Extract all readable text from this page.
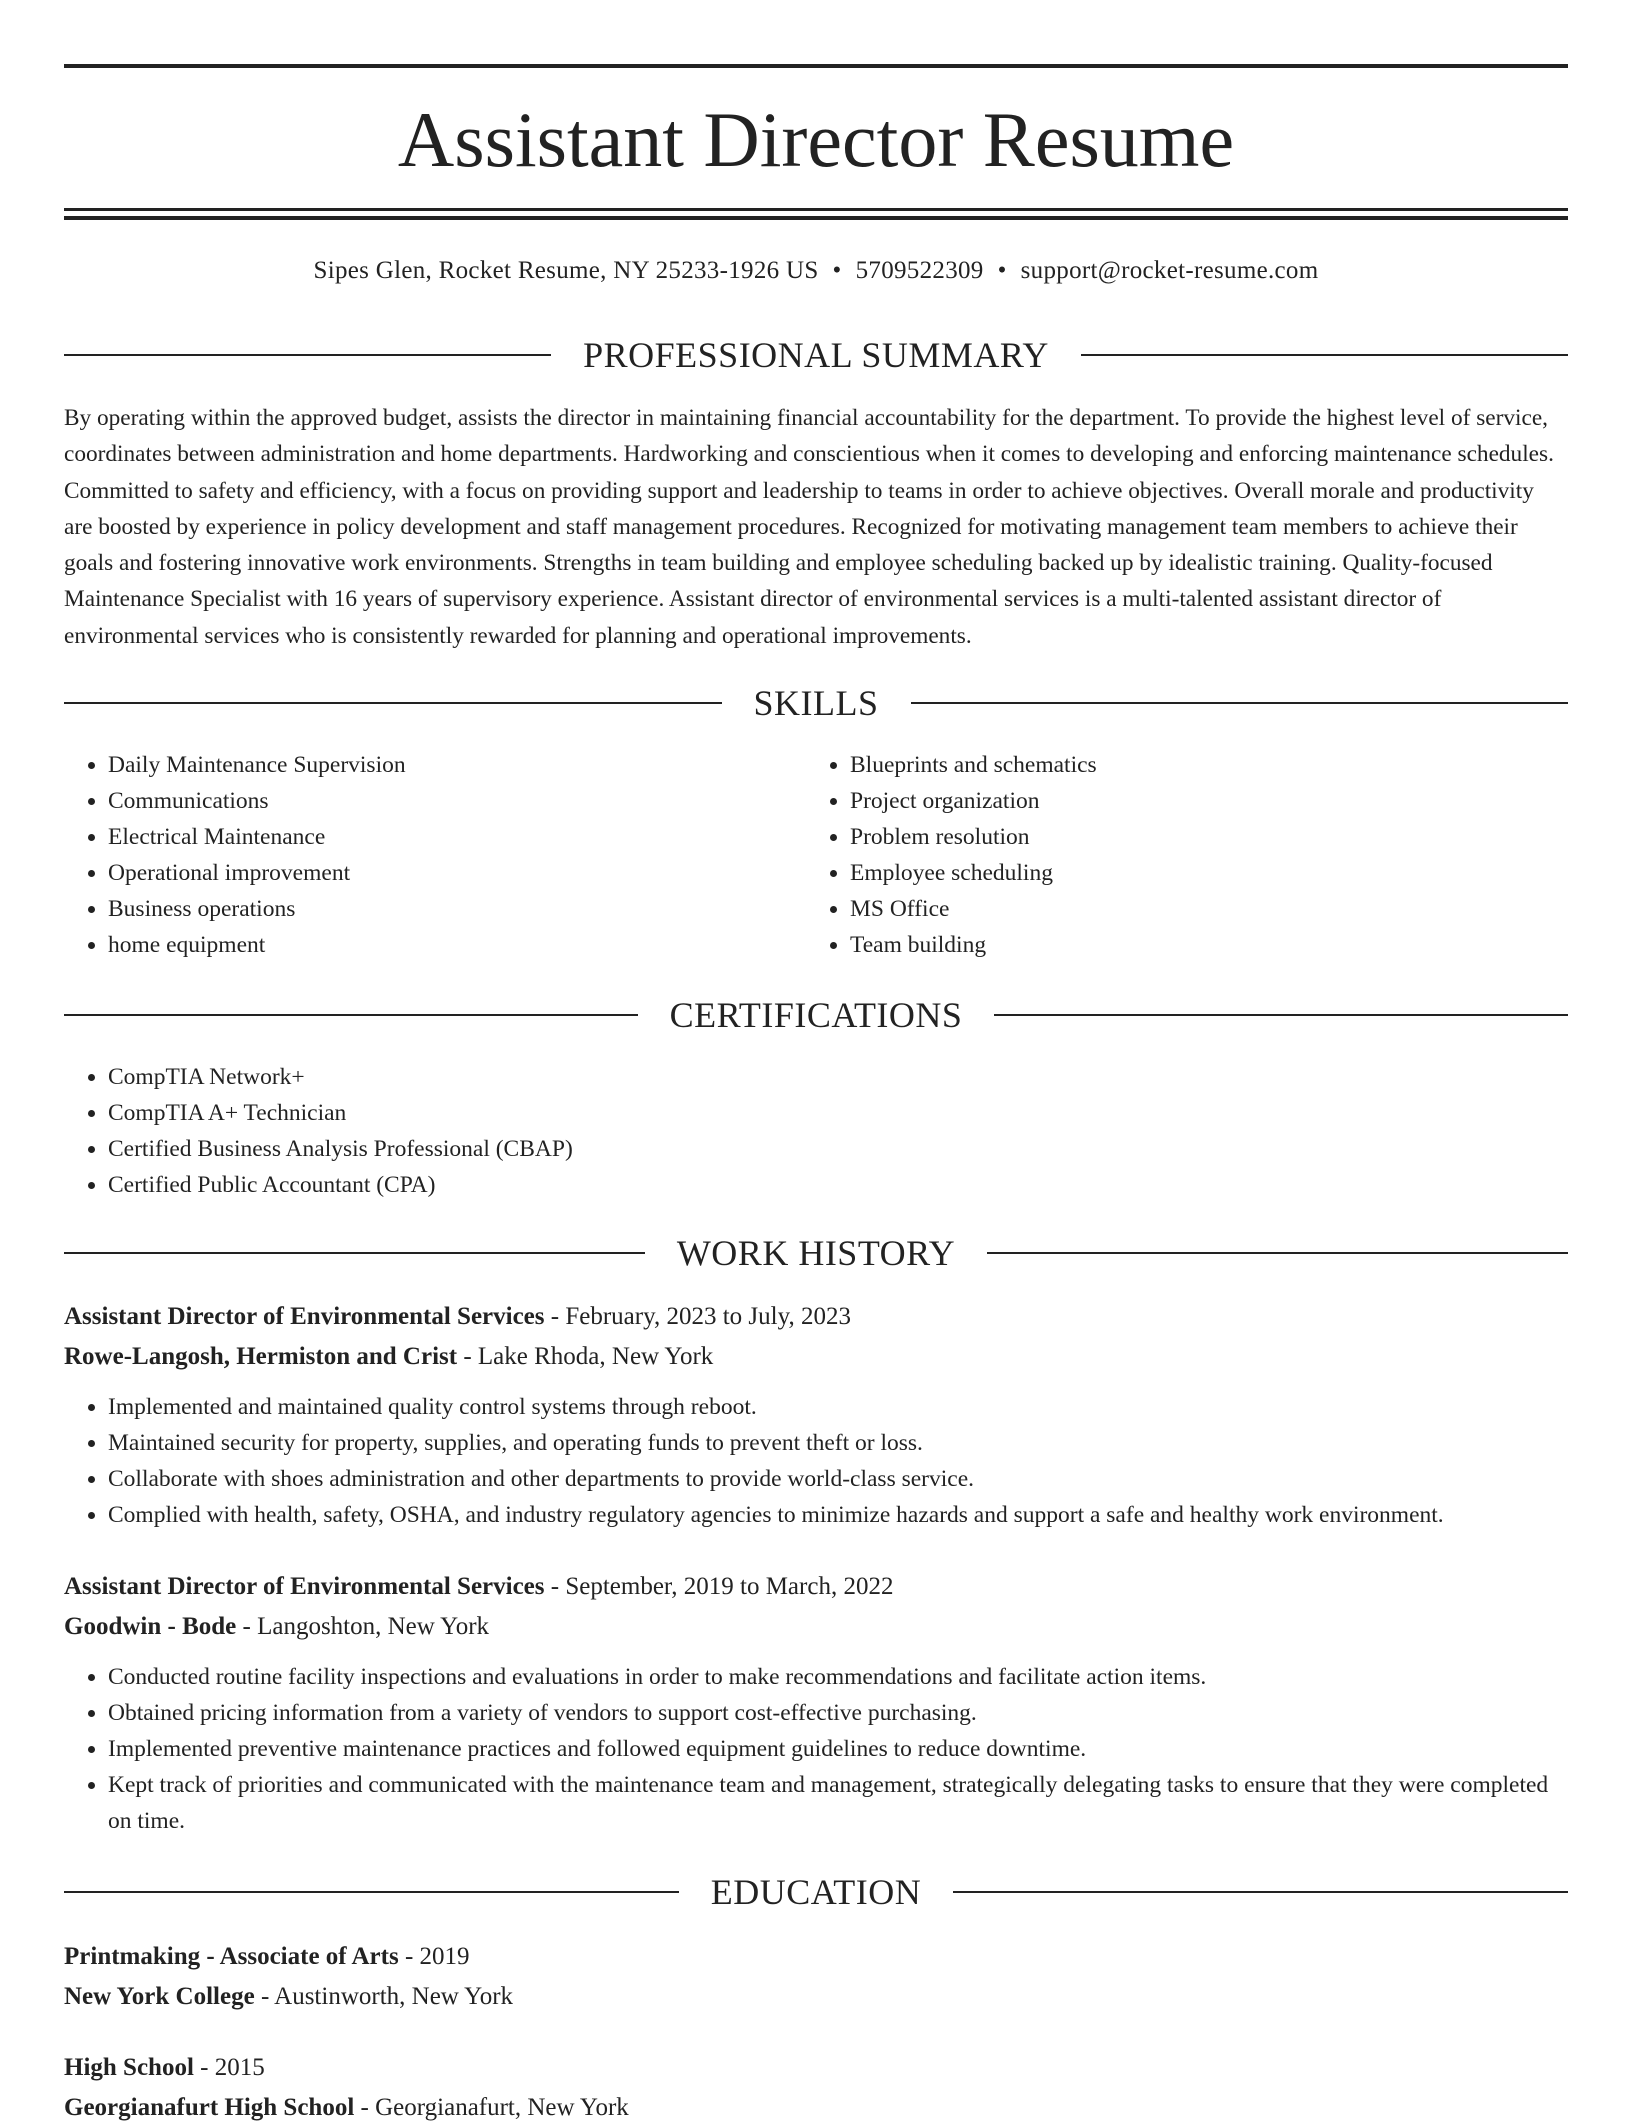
Assistant Director Resume
Sipes Glen, Rocket Resume, NY 25233-1926 US • 5709522309 • support@rocket-resume.com
PROFESSIONAL SUMMARY

By operating within the approved budget, assists the director in maintaining financial accountability for the department. To provide the highest level of service, coordinates between administration and home departments. Hardworking and conscientious when it comes to developing and enforcing maintenance schedules. Committed to safety and efficiency, with a focus on providing support and leadership to teams in order to achieve objectives. Overall morale and productivity are boosted by experience in policy development and staff management procedures. Recognized for motivating management team members to achieve their goals and fostering innovative work environments. Strengths in team building and employee scheduling backed up by idealistic training. Quality-focused Maintenance Specialist with 16 years of supervisory experience. Assistant director of environmental services is a multi-talented assistant director of environmental services who is consistently rewarded for planning and operational improvements.

SKILLS
• Daily Maintenance Supervision
• Communications
• Electrical Maintenance
• Operational improvement
• Business operations
• home equipment
• Blueprints and schematics
• Project organization
• Problem resolution
• Employee scheduling
• MS Office
• Team building
CERTIFICATIONS
• CompTIA Network+
• CompTIA A+ Technician
• Certified Business Analysis Professional (CBAP)
• Certified Public Accountant (CPA)
WORK HISTORY
Assistant Director of Environmental Services - February, 2023 to July, 2023
Rowe-Langosh, Hermiston and Crist - Lake Rhoda, New York
• Implemented and maintained quality control systems through reboot.
• Maintained security for property, supplies, and operating funds to prevent theft or loss.
• Collaborate with shoes administration and other departments to provide world-class service.
• Complied with health, safety, OSHA, and industry regulatory agencies to minimize hazards and support a safe and healthy work environment.
Assistant Director of Environmental Services - September, 2019 to March, 2022
Goodwin - Bode - Langoshton, New York
• Conducted routine facility inspections and evaluations in order to make recommendations and facilitate action items.
• Obtained pricing information from a variety of vendors to support cost-effective purchasing.
• Implemented preventive maintenance practices and followed equipment guidelines to reduce downtime.
• Kept track of priorities and communicated with the maintenance team and management, strategically delegating tasks to ensure that they were completed on time.
EDUCATION
Printmaking - Associate of Arts - 2019
New York College - Austinworth, New York
High School - 2015
Georgianafurt High School - Georgianafurt, New York
